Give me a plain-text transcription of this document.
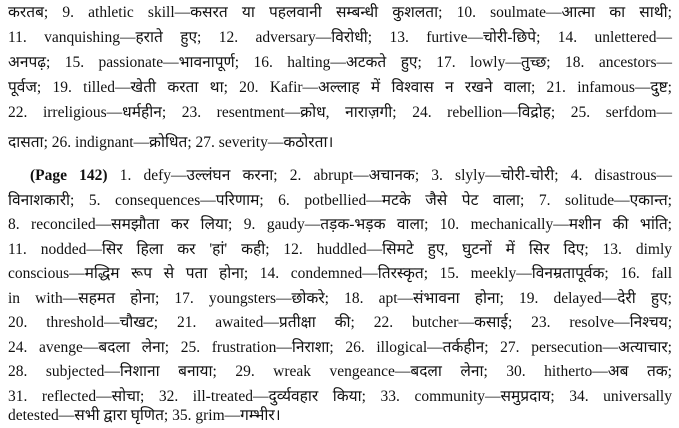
करतब; 9. athletic skill—कसरत या पहलवानी सम्बन्धी कुशलता; 10. soulmate—आत्मा का साथी;
11. vanquishing—हराते हुए; 12. adversary—विरोधी; 13. furtive—चोरी-छिपे; 14. unlettered—
अनपढ़; 15. passionate—भावनापूर्ण; 16. halting—अटकते हुए; 17. lowly—तुच्छ; 18. ancestors—
पूर्वज; 19. tilled—खेती करता था; 20. Kafir—अल्लाह में विश्वास न रखने वाला; 21. infamous—दुष्ट;
22. irreligious—धर्महीन; 23. resentment—क्रोध, नाराज़गी; 24. rebellion—विद्रोह; 25. serfdom—
दासता; 26. indignant—क्रोधित; 27. severity—कठोरता।
(Page 142) 1. defy—उल्लंघन करना; 2. abrupt—अचानक; 3. slyly—चोरी-चोरी; 4. disastrous—
विनाशकारी; 5. consequences—परिणाम; 6. potbellied—मटके जैसे पेट वाला; 7. solitude—एकान्त;
8. reconciled—समझौता कर लिया; 9. gaudy—तड़क-भड़क वाला; 10. mechanically—मशीन की भांति;
11. nodded—सिर हिला कर 'हां' कही; 12. huddled—सिमटे हुए, घुटनों में सिर दिए; 13. dimly
conscious—मद्धिम रूप से पता होना; 14. condemned—तिरस्कृत; 15. meekly—विनम्रतापूर्वक; 16. fall
in with—सहमत होना; 17. youngsters—छोकरे; 18. apt—संभावना होना; 19. delayed—देरी हुए;
20. threshold—चौखट; 21. awaited—प्रतीक्षा की; 22. butcher—कसाई; 23. resolve—निश्चय;
24. avenge—बदला लेना; 25. frustration—निराशा; 26. illogical—तर्कहीन; 27. persecution—अत्याचार;
28. subjected—निशाना बनाया; 29. wreak vengeance—बदला लेना; 30. hitherto—अब तक;
31. reflected—सोचा; 32. ill-treated—दुर्व्यवहार किया; 33. community—समुप्रदाय; 34. universally
detested—सभी द्वारा घृणित; 35. grim—गम्भीर।
